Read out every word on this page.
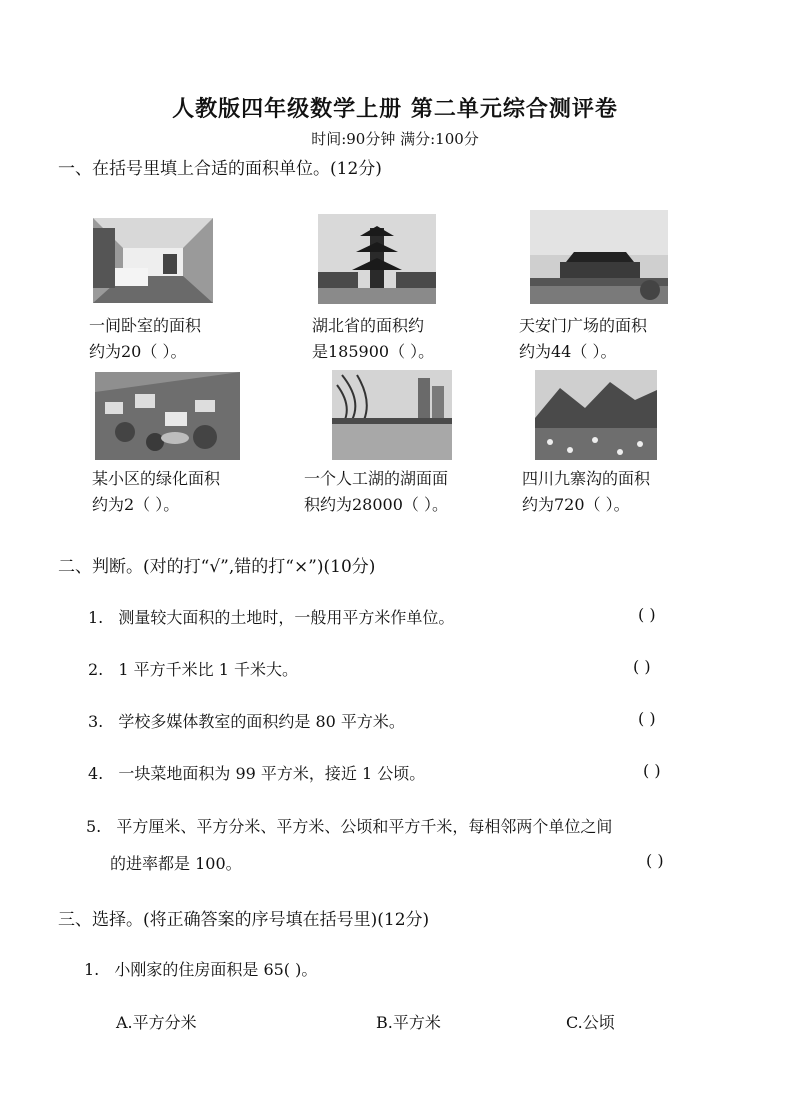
人教版四年级数学上册 第二单元综合测评卷
时间:90分钟 满分:100分
一、在括号里填上合适的面积单位。(12分)
一间卧室的面积
约为20（ ）。
湖北省的面积约
是185900（ ）。
天安门广场的面积
约为44（ ）。
某小区的绿化面积
约为2（ ）。
一个人工湖的湖面面
积约为28000（ ）。
四川九寨沟的面积
约为720（ ）。
二、判断。(对的打“√”,错的打“×”)(10分)
1. 测量较大面积的土地时，一般用平方米作单位。	( )
2. 1 平方千米比 1 千米大。	( )
3. 学校多媒体教室的面积约是 80 平方米。	( )
4. 一块菜地面积为 99 平方米，接近 1 公顷。	( )
5. 平方厘米、平方分米、平方米、公顷和平方千米，每相邻两个单位之间
的进率都是 100。	( )
三、选择。(将正确答案的序号填在括号里)(12分)
1. 小刚家的住房面积是 65( )。
A.平方分米	B.平方米	C.公顷
